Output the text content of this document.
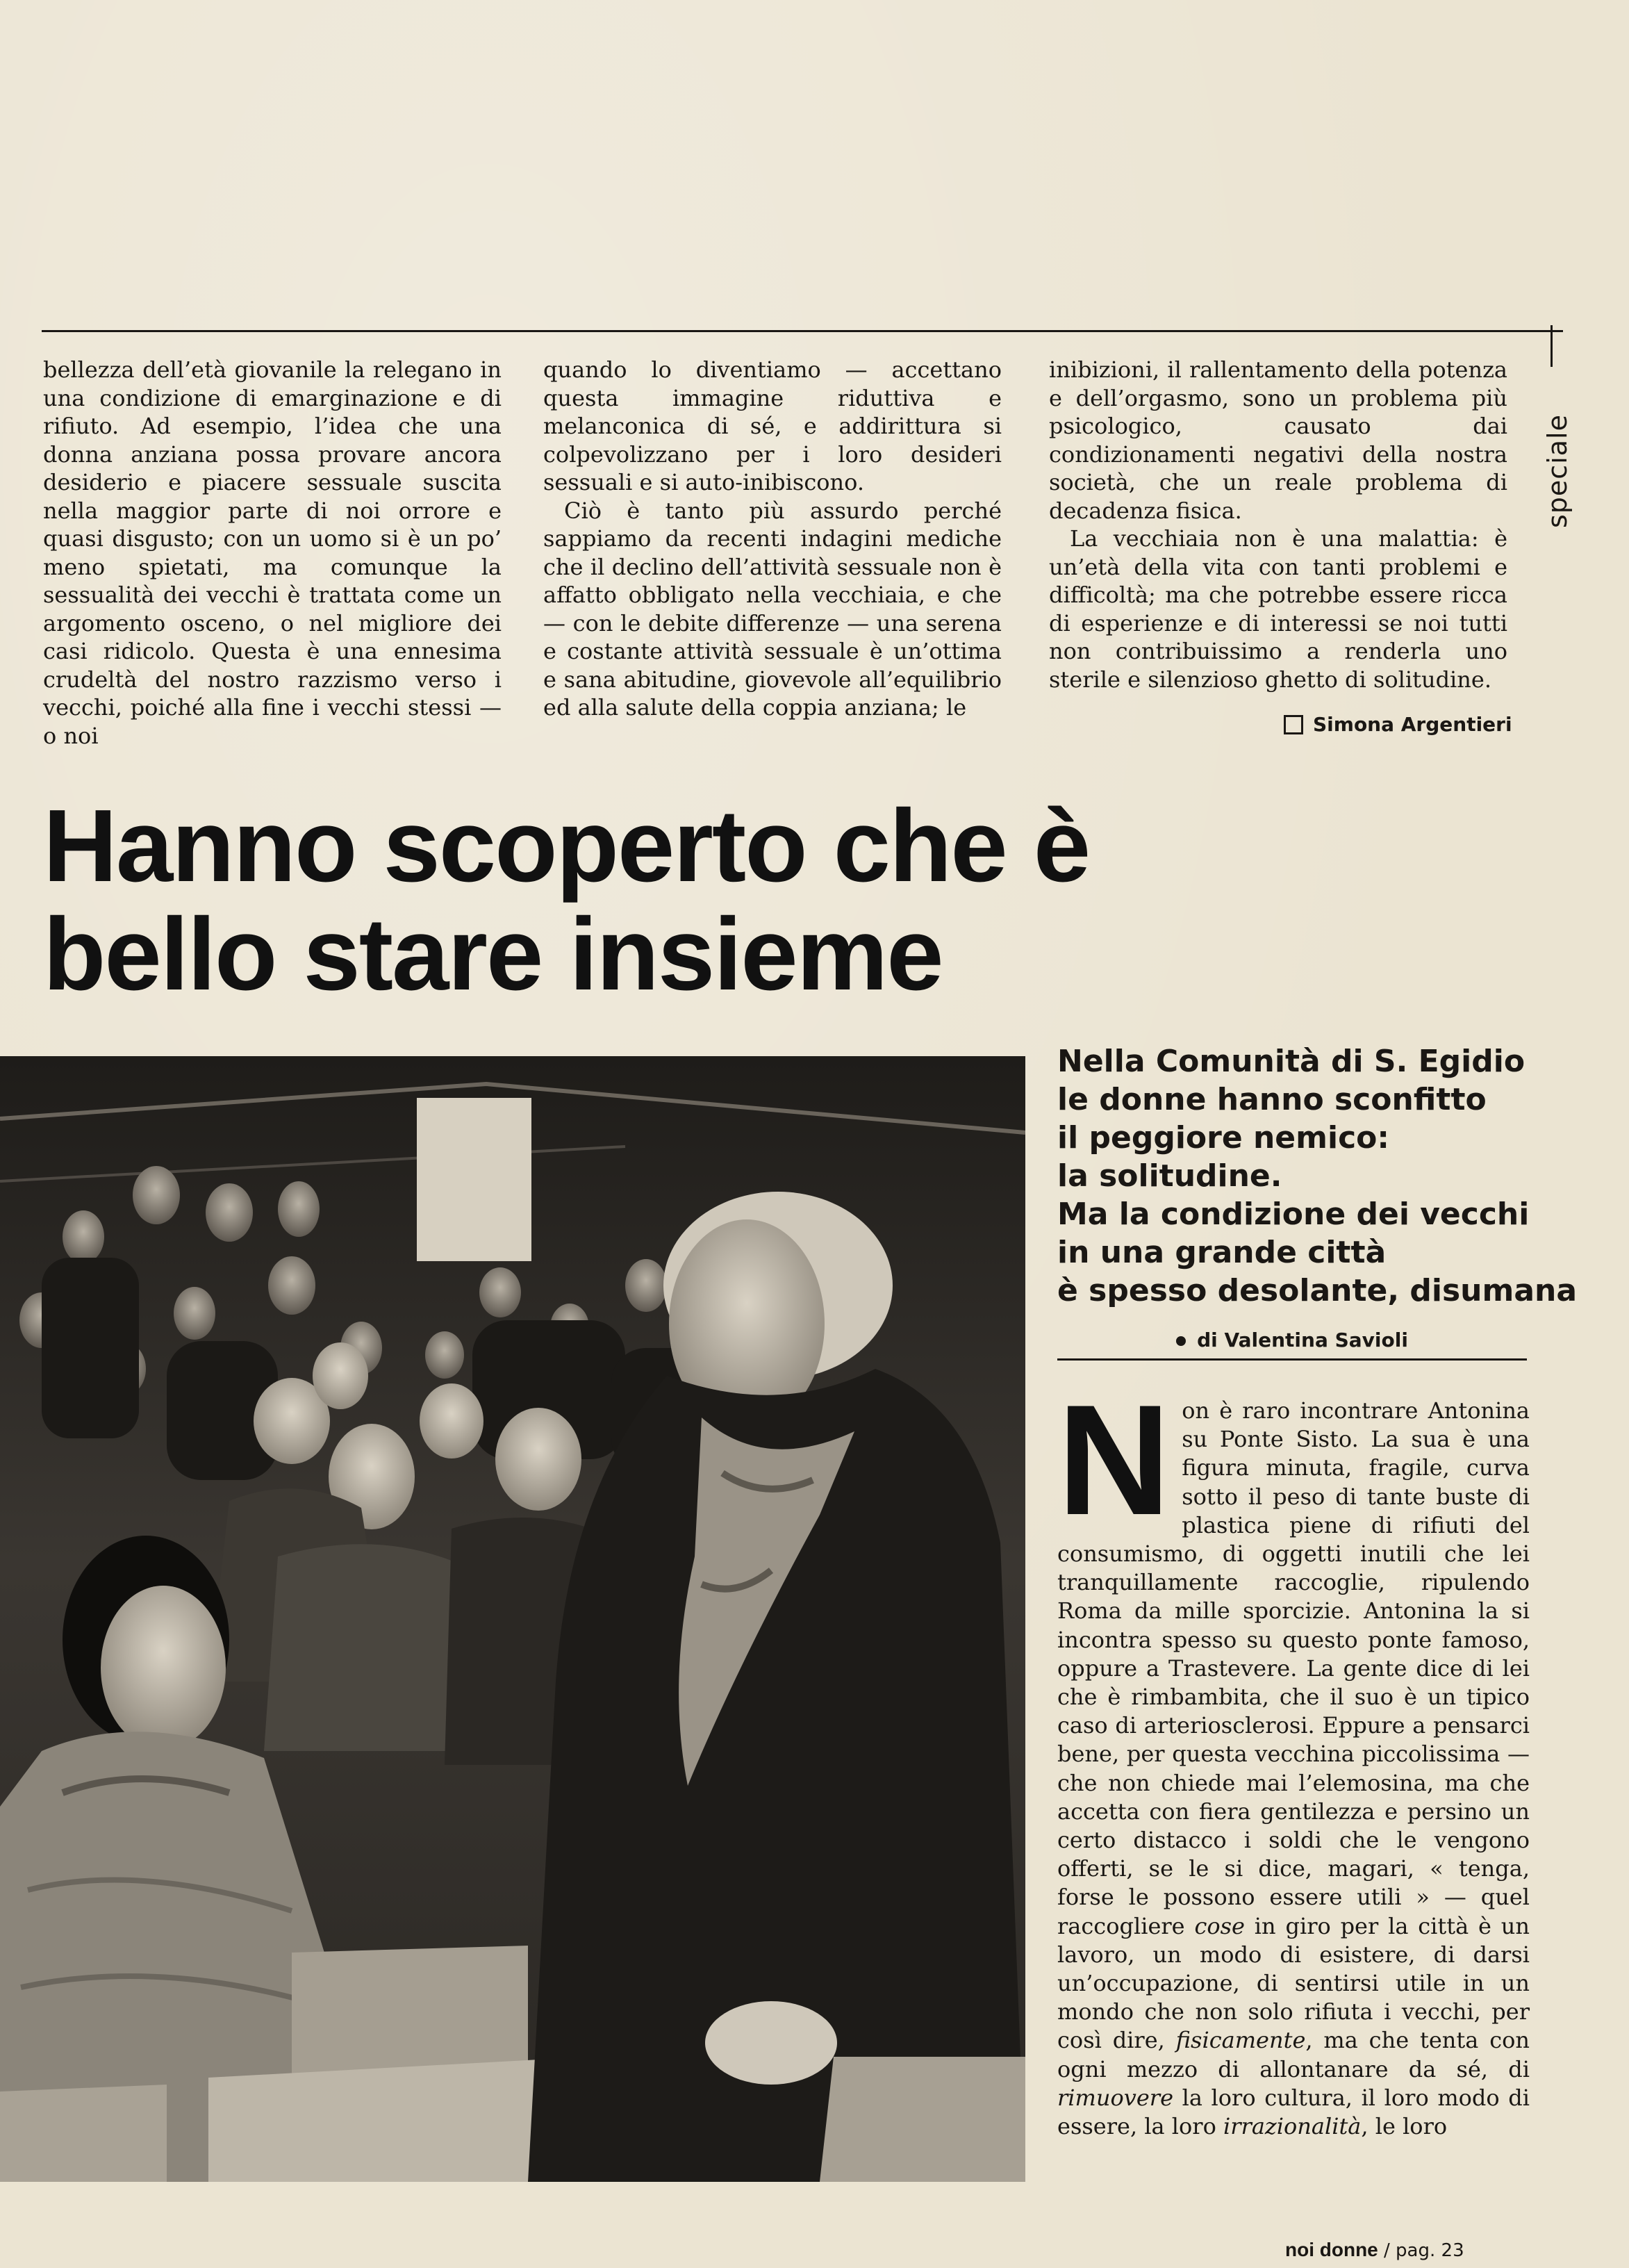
speciale

bellezza dell’età giovanile la relegano in una condizione di emarginazione e di rifiuto. Ad esempio, l’idea che una donna anziana possa provare ancora desiderio e piacere sessuale suscita nella maggior parte di noi orrore e quasi disgusto; con un uomo si è un po’ meno spietati, ma comunque la sessualità dei vecchi è trattata come un argomento osceno, o nel migliore dei casi ridicolo. Questa è una ennesima crudeltà del nostro razzismo verso i vecchi, poiché alla fine i vecchi stessi — o noi

quando lo diventiamo — accettano questa immagine riduttiva e melanconica di sé, e addirittura si colpevolizzano per i loro desideri sessuali e si auto-inibiscono.

Ciò è tanto più assurdo perché sappiamo da recenti indagini mediche che il declino dell’attività sessuale non è affatto obbligato nella vecchiaia, e che — con le debite differenze — una serena e costante attività sessuale è un’ottima e sana abitudine, giovevole all’equilibrio ed alla salute della coppia anziana; le

inibizioni, il rallentamento della potenza e dell’orgasmo, sono un problema più psicologico, causato dai condizionamenti negativi della nostra società, che un reale problema di decadenza fisica.

La vecchiaia non è una malattia: è un’età della vita con tanti problemi e difficoltà; ma che potrebbe essere ricca di esperienze e di interessi se noi tutti non contribuissimo a renderla uno sterile e silenzioso ghetto di solitudine.

Simona Argentieri
Hanno scoperto che è
bello stare insieme
Nella Comunità di S. Egidio
le donne hanno sconfitto
il peggiore nemico:
la solitudine.
Ma la condizione dei vecchi
in una grande città
è spesso desolante, disumana
di Valentina Savioli

Non è raro incontrare Antonina su Ponte Sisto. La sua è una figura minuta, fragile, curva sotto il peso di tante buste di plastica piene di rifiuti del consumismo, di oggetti inutili che lei tranquillamente raccoglie, ripulendo Roma da mille sporcizie. Antonina la si incontra spesso su questo ponte famoso, oppure a Trastevere. La gente dice di lei che è rimbambita, che il suo è un tipico caso di arteriosclerosi. Eppure a pensarci bene, per questa vecchina piccolissima — che non chiede mai l’elemosina, ma che accetta con fiera gentilezza e persino un certo distacco i soldi che le vengono offerti, se le si dice, magari, « tenga, forse le possono essere utili » — quel raccogliere cose in giro per la città è un lavoro, un modo di esistere, di darsi un’occupazione, di sentirsi utile in un mondo che non solo rifiuta i vecchi, per così dire, fisicamente, ma che tenta con ogni mezzo di allontanare da sé, di rimuovere la loro cultura, il loro modo di essere, la loro irrazionalità, le loro

noi donne / pag. 23
